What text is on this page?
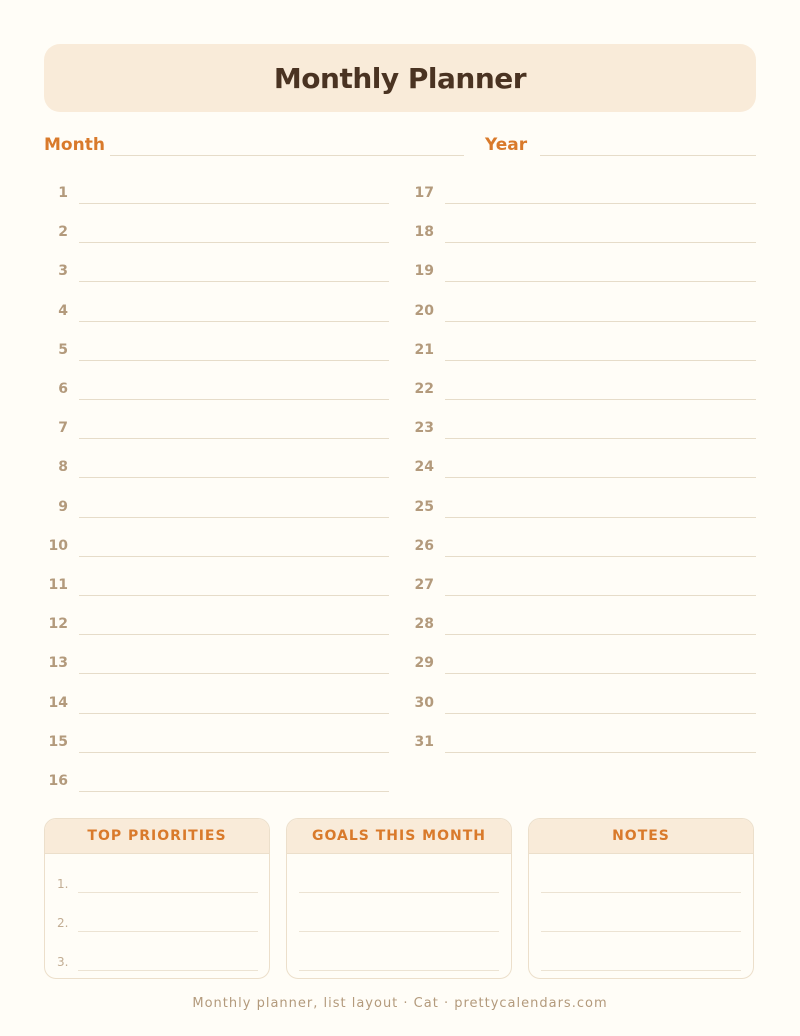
Monthly Planner
Month	Year
1
2
3
4
5
6
7
8
9
10
11
12
13
14
15
16
17
18
19
20
21
22
23
24
25
26
27
28
29
30
31
TOP PRIORITIES
1.
2.
3.
GOALS THIS MONTH	NOTES
Monthly planner, list layout · Cat · prettycalendars.com
